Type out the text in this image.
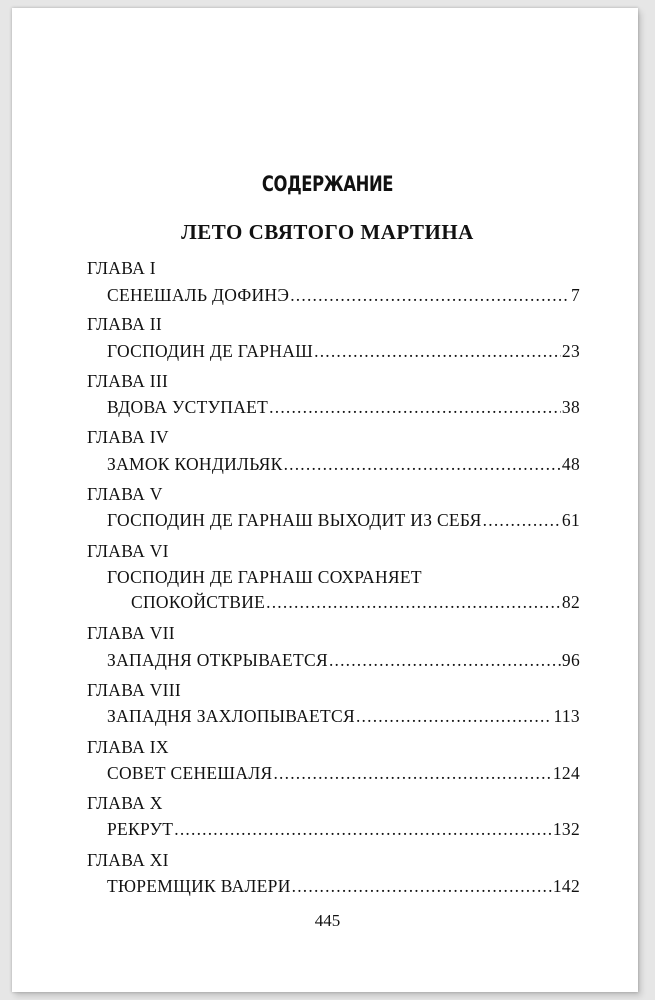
СОДЕРЖАНИЕ
ЛЕТО СВЯТОГО МАРТИНА
ГЛАВА I
СЕНЕШАЛЬ ДОФИНЭ .....	7
ГЛАВА II
ГОСПОДИН ДЕ ГАРНАШ .....	23
ГЛАВА III
ВДОВА УСТУПАЕТ .....	38
ГЛАВА IV
ЗАМОК КОНДИЛЬЯК .....	48
ГЛАВА V
ГОСПОДИН ДЕ ГАРНАШ ВЫХОДИТ ИЗ СЕБЯ .....	61
ГЛАВА VI
ГОСПОДИН ДЕ ГАРНАШ СОХРАНЯЕТ
СПОКОЙСТВИЕ .....	82
ГЛАВА VII
ЗАПАДНЯ ОТКРЫВАЕТСЯ .....	96
ГЛАВА VIII
ЗАПАДНЯ ЗАХЛОПЫВАЕТСЯ .....	113
ГЛАВА IX
СОВЕТ СЕНЕШАЛЯ .....	124
ГЛАВА X
РЕКРУТ .....	132
ГЛАВА XI
ТЮРЕМЩИК ВАЛЕРИ .....	142
445
